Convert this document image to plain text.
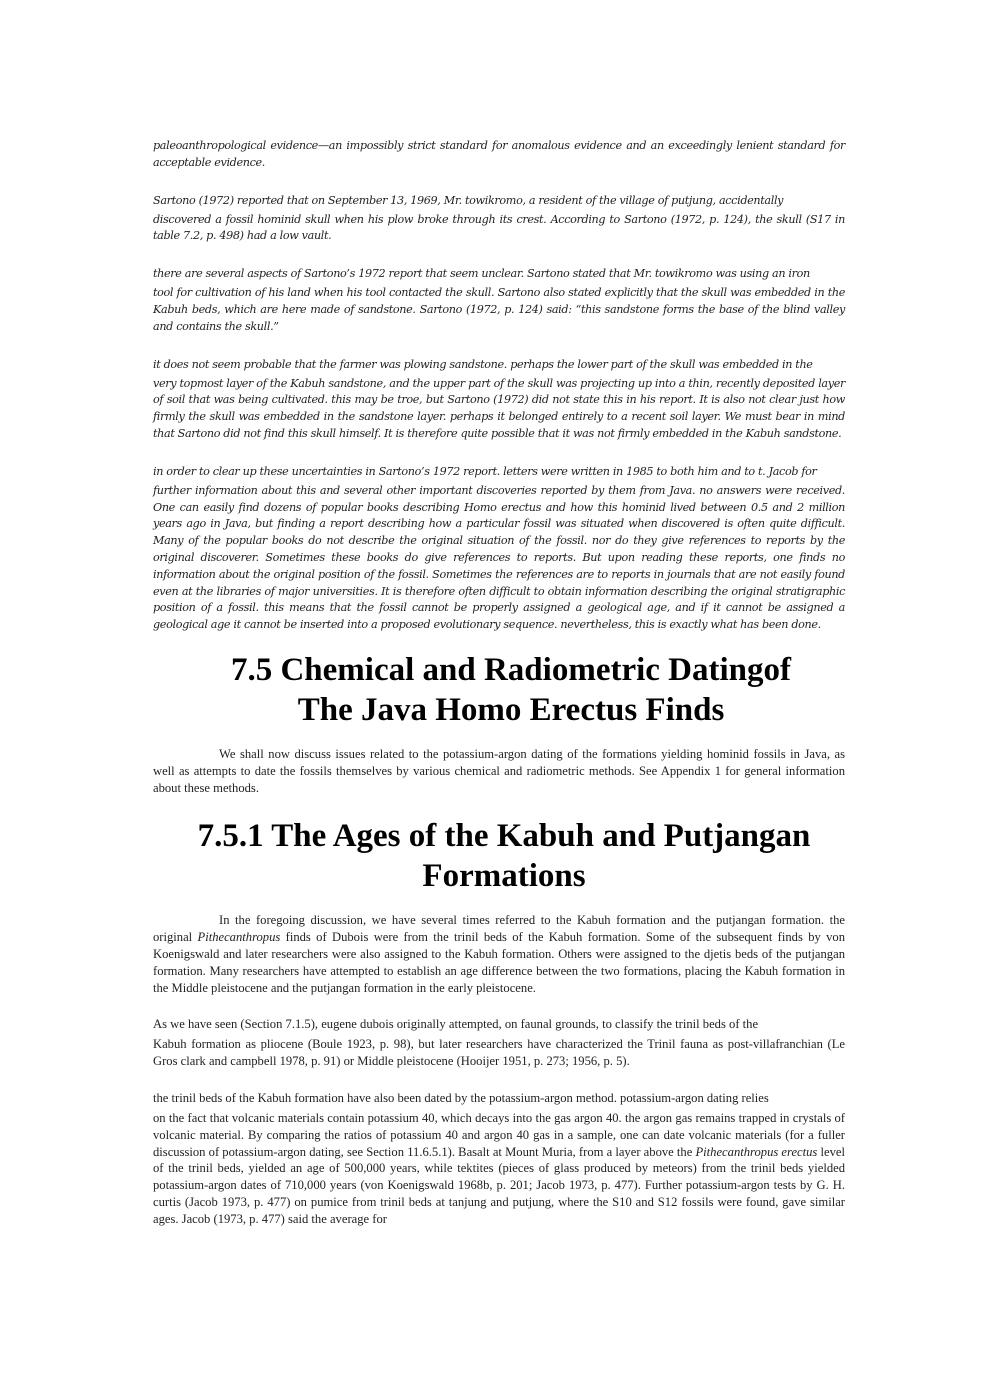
paleoanthropological evidence—an impossibly strict standard for anomalous evidence and an exceedingly lenient standard for acceptable evidence.

Sartono (1972) reported that on September 13, 1969, Mr. towikromo, a resident of the village of putjung, accidentally

discovered a fossil hominid skull when his plow broke through its crest. According to Sartono (1972, p. 124), the skull (S17 in table 7.2, p. 498) had a low vault.

there are several aspects of Sartono’s 1972 report that seem unclear. Sartono stated that Mr. towikromo was using an iron

tool for cultivation of his land when his tool contacted the skull. Sartono also stated explicitly that the skull was embedded in the Kabuh beds, which are here made of sandstone. Sartono (1972, p. 124) said: “this sandstone forms the base of the blind valley and contains the skull.”

it does not seem probable that the farmer was plowing sandstone. perhaps the lower part of the skull was embedded in the

very topmost layer of the Kabuh sandstone, and the upper part of the skull was projecting up into a thin, recently deposited layer of soil that was being cultivated. this may be troe, but Sartono (1972) did not state this in his report. It is also not clear just how firmly the skull was embedded in the sandstone layer. perhaps it belonged entirely to a recent soil layer. We must bear in mind that Sartono did not find this skull himself. It is therefore quite possible that it was not firmly embedded in the Kabuh sandstone.

in order to clear up these uncertainties in Sartono’s 1972 report. letters were written in 1985 to both him and to t. Jacob for

further information about this and several other important discoveries reported by them from Java. no answers were received. One can easily find dozens of popular books describing Homo erectus and how this hominid lived between 0.5 and 2 million years ago in Java, but finding a report describing how a particular fossil was situated when discovered is often quite difficult. Many of the popular books do not describe the original situation of the fossil. nor do they give references to reports by the original discoverer. Sometimes these books do give references to reports. But upon reading these reports, one finds no information about the original position of the fossil. Sometimes the references are to reports in journals that are not easily found even at the libraries of major universities. It is therefore often difficult to obtain information describing the original stratigraphic position of a fossil. this means that the fossil cannot be properly assigned a geological age, and if it cannot be assigned a geological age it cannot be inserted into a proposed evolutionary sequence. nevertheless, this is exactly what has been done.

7.5 Chemical and Radiometric Datingof
The Java Homo Erectus Finds

We shall now discuss issues related to the potassium-argon dating of the formations yielding hominid fossils in Java, as well as attempts to date the fossils themselves by various chemical and radiometric methods. See Appendix 1 for general information about these methods.

7.5.1 The Ages of the Kabuh and Putjangan
Formations

In the foregoing discussion, we have several times referred to the Kabuh formation and the putjangan formation. the original Pithecanthropus finds of Dubois were from the trinil beds of the Kabuh formation. Some of the subsequent finds by von Koenigswald and later researchers were also assigned to the Kabuh formation. Others were assigned to the djetis beds of the putjangan formation. Many researchers have attempted to establish an age difference between the two formations, placing the Kabuh formation in the Middle pleistocene and the putjangan formation in the early pleistocene.

As we have seen (Section 7.1.5), eugene dubois originally attempted, on faunal grounds, to classify the trinil beds of the

Kabuh formation as pliocene (Boule 1923, p. 98), but later researchers have characterized the Trinil fauna as post-villafranchian (Le Gros clark and campbell 1978, p. 91) or Middle pleistocene (Hooijer 1951, p. 273; 1956, p. 5).

the trinil beds of the Kabuh formation have also been dated by the potassium-argon method. potassium-argon dating relies

on the fact that volcanic materials contain potassium 40, which decays into the gas argon 40. the argon gas remains trapped in crystals of volcanic material. By comparing the ratios of potassium 40 and argon 40 gas in a sample, one can date volcanic materials (for a fuller discussion of potassium-argon dating, see Section 11.6.5.1). Basalt at Mount Muria, from a layer above the Pithecanthropus erectus level of the trinil beds, yielded an age of 500,000 years, while tektites (pieces of glass produced by meteors) from the trinil beds yielded potassium-argon dates of 710,000 years (von Koenigswald 1968b, p. 201; Jacob 1973, p. 477). Further potassium-argon tests by G. H. curtis (Jacob 1973, p. 477) on pumice from trinil beds at tanjung and putjung, where the S10 and S12 fossils were found, gave similar ages. Jacob (1973, p. 477) said the average for
